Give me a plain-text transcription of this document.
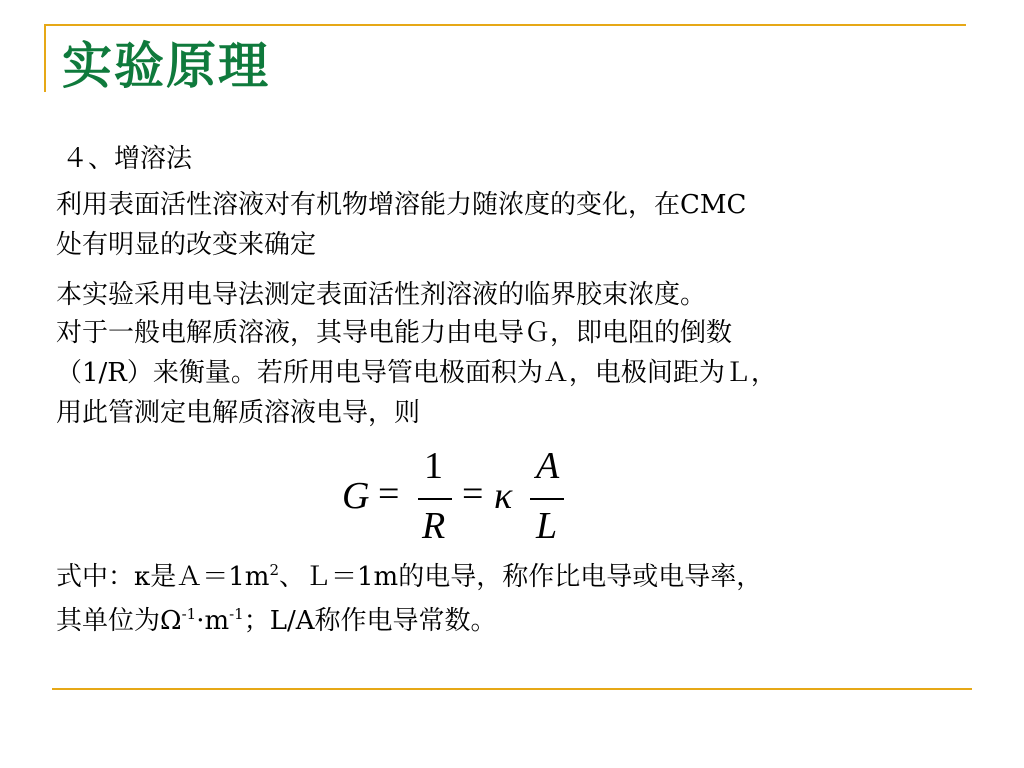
实验原理
４、增溶法
利用表面活性溶液对有机物增溶能力随浓度的变化，在CMC
处有明显的改变来确定
本实验采用电导法测定表面活性剂溶液的临界胶束浓度。
对于一般电解质溶液，其导电能力由电导Ｇ，即电阻的倒数
（1/R）来衡量。若所用电导管电极面积为Ａ，电极间距为Ｌ，
用此管测定电解质溶液电导，则
G =
1
R
= κ
A
L
式中：κ是$A=1m^2$、Ｌ＝1m的电导，称作比电导或电导率，
其单位为$\Omega^{-1}\cdot m^{-1}$；L/A称作电导常数。
